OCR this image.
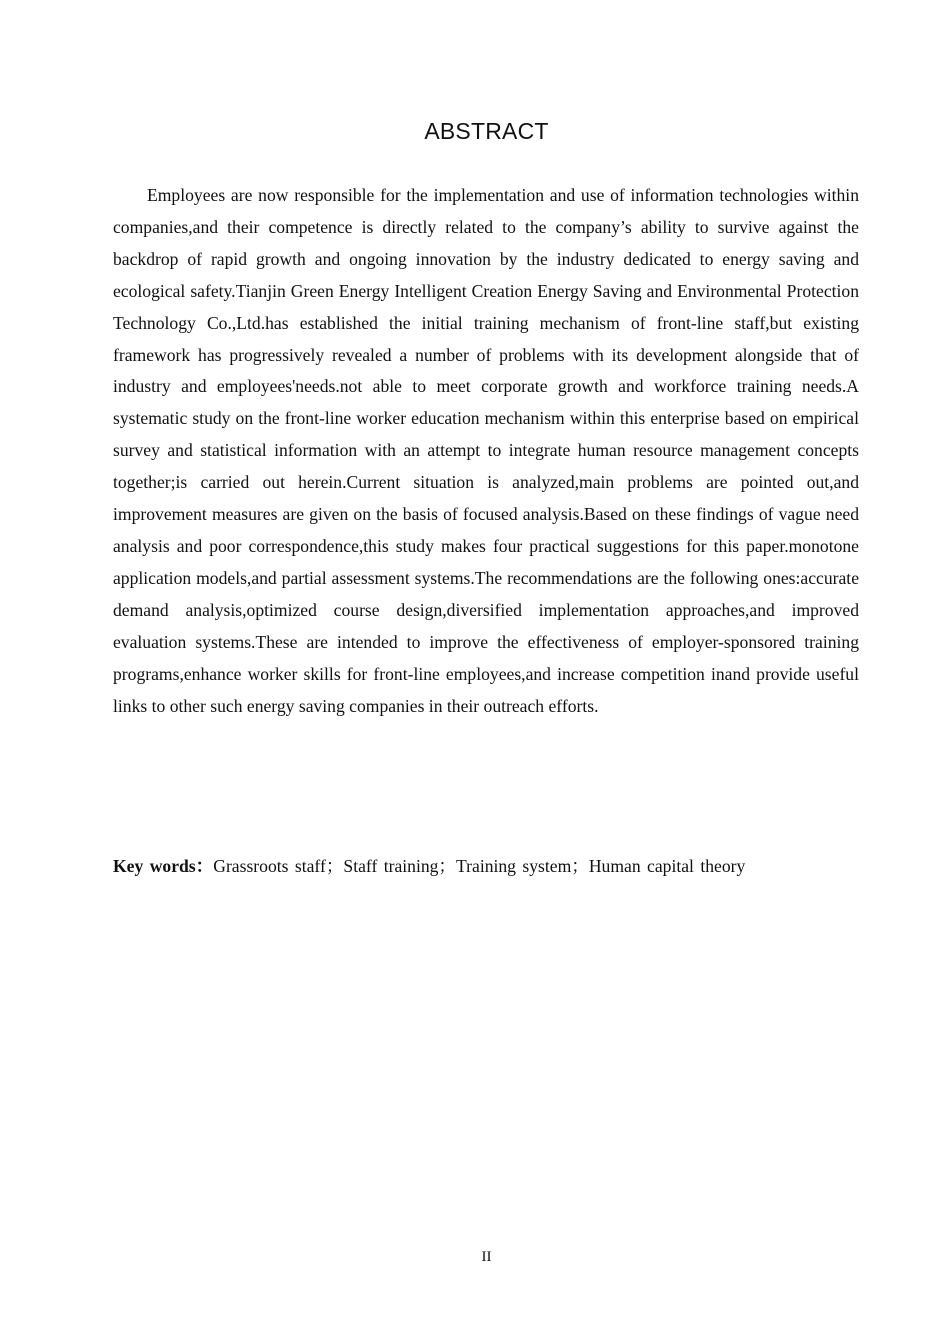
ABSTRACT

Employees are now responsible for the implementation and use of information technologies within companies,and their competence is directly related to the company’s ability to survive against the backdrop of rapid growth and ongoing innovation by the industry dedicated to energy saving and ecological safety.Tianjin Green Energy Intelligent Creation Energy Saving and Environmental Protection Technology Co.,Ltd.has established the initial training mechanism of front-line staff,but existing framework has progressively revealed a number of problems with its development alongside that of industry and employees'needs.not able to meet corporate growth and workforce training needs.A systematic study on the front-line worker education mechanism within this enterprise based on empirical survey and statistical information with an attempt to integrate human resource management concepts together;is carried out herein.Current situation is analyzed,main problems are pointed out,and improvement measures are given on the basis of focused analysis.Based on these findings of vague need analysis and poor correspondence,this study makes four practical suggestions for this paper.monotone application models,and partial assessment systems.The recommendations are the following ones:accurate demand analysis,optimized course design,diversified implementation approaches,and improved evaluation systems.These are intended to improve the effectiveness of employer-sponsored training programs,enhance worker skills for front-line employees,and increase competition inand provide useful links to other such energy saving companies in their outreach efforts.

Key words：Grassroots staff；Staff training；Training system；Human capital theory

II
